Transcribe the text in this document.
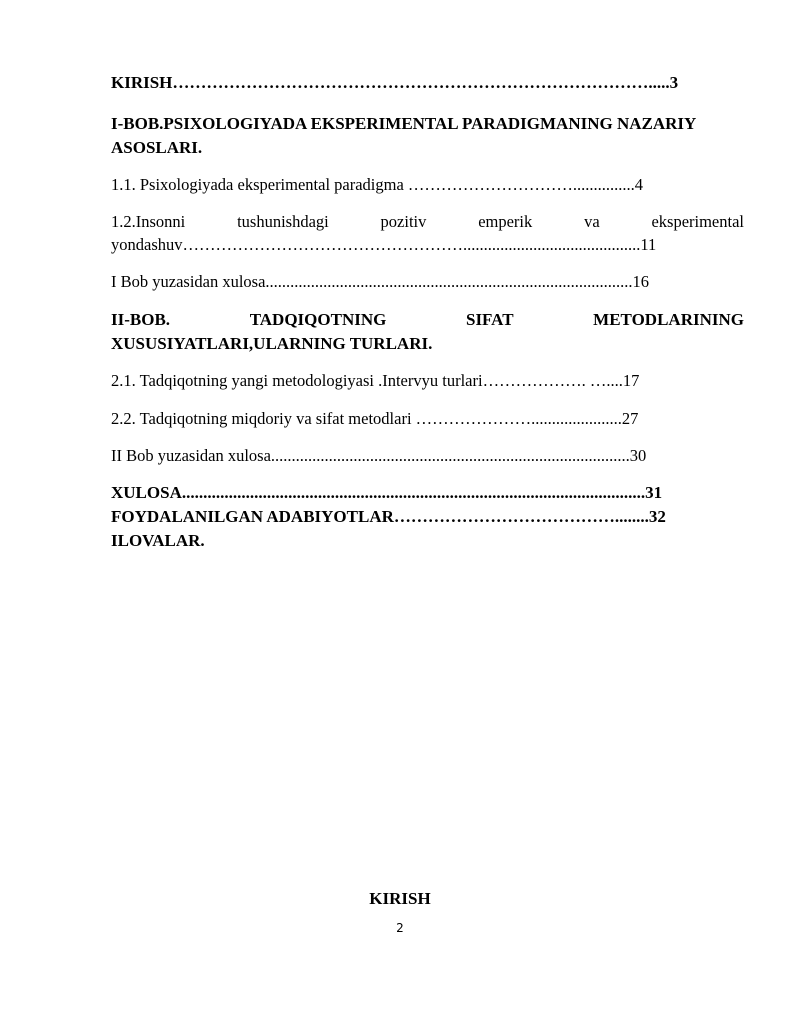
KIRISH………………………………………………………………………….....3
I-BOB.PSIXOLOGIYADA EKSPERIMENTAL PARADIGMANING NAZARIY
ASOSLARI.
1.1. Psixologiyada eksperimental paradigma …………………………...............4
1.2.Insonni	tushunishdagi	pozitiv	emperik	va	eksperimental
yondashuv……………………………………………...........................................11
I Bob yuzasidan xulosa.........................................................................................16
II-BOB.	TADQIQOTNING	SIFAT	METODLARINING
XUSUSIYATLARI,ULARNING TURLARI.
2.1. Tadqiqotning yangi metodologiyasi .Intervyu turlari………………. …....17
2.2. Tadqiqotning miqdoriy va sifat metodlari …………………......................27
II Bob yuzasidan xulosa.......................................................................................30
XULOSA.............................................................................................................31
FOYDALANILGAN ADABIYOTLAR…………………………………........32
ILOVALAR.
KIRISH
2
